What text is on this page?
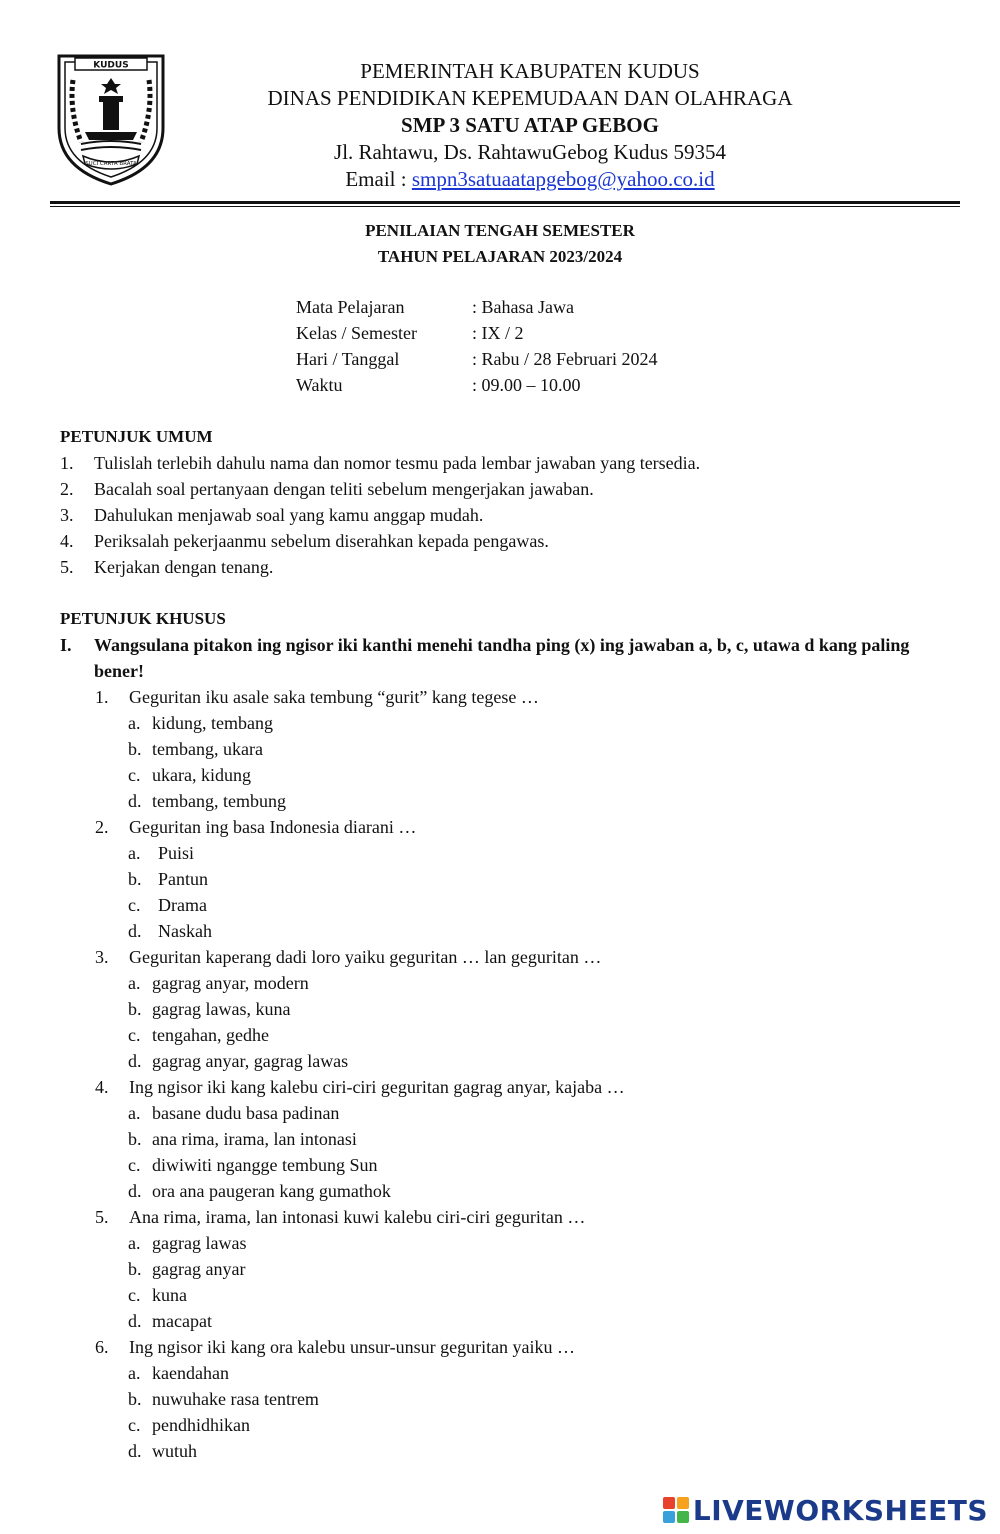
KUDUS
SUCI CARTA BRATA
PEMERINTAH KABUPATEN KUDUS
DINAS PENDIDIKAN KEPEMUDAAN DAN OLAHRAGA
SMP 3 SATU ATAP GEBOG
Jl. Rahtawu, Ds. RahtawuGebog Kudus 59354
Email : smpn3satuaatapgebog@yahoo.co.id
PENILAIAN TENGAH SEMESTER
TAHUN PELAJARAN 2023/2024
Mata Pelajaran	: Bahasa Jawa
Kelas / Semester	: IX / 2
Hari / Tanggal	: Rabu / 28 Februari 2024
Waktu	: 09.00 – 10.00
PETUNJUK UMUM
1. Tulislah terlebih dahulu nama dan nomor tesmu pada lembar jawaban yang tersedia.
2. Bacalah soal pertanyaan dengan teliti sebelum mengerjakan jawaban.
3. Dahulukan menjawab soal yang kamu anggap mudah.
4. Periksalah pekerjaanmu sebelum diserahkan kepada pengawas.
5. Kerjakan dengan tenang.
PETUNJUK KHUSUS
I. Wangsulana pitakon ing ngisor iki kanthi menehi tandha ping (x) ing jawaban a, b, c, utawa d kang paling bener!
1. Geguritan iku asale saka tembung “gurit” kang tegese …
a. kidung, tembang
b. tembang, ukara
c. ukara, kidung
d. tembang, tembung
2. Geguritan ing basa Indonesia diarani …
a. Puisi
b. Pantun
c. Drama
d. Naskah
3. Geguritan kaperang dadi loro yaiku geguritan … lan geguritan …
a. gagrag anyar, modern
b. gagrag lawas, kuna
c. tengahan, gedhe
d. gagrag anyar, gagrag lawas
4. Ing ngisor iki kang kalebu ciri-ciri geguritan gagrag anyar, kajaba …
a. basane dudu basa padinan
b. ana rima, irama, lan intonasi
c. diwiwiti ngangge tembung Sun
d. ora ana paugeran kang gumathok
5. Ana rima, irama, lan intonasi kuwi kalebu ciri-ciri geguritan …
a. gagrag lawas
b. gagrag anyar
c. kuna
d. macapat
6. Ing ngisor iki kang ora kalebu unsur-unsur geguritan yaiku …
a. kaendahan
b. nuwuhake rasa tentrem
c. pendhidhikan
d. wutuh
LIVEWORKSHEETS
